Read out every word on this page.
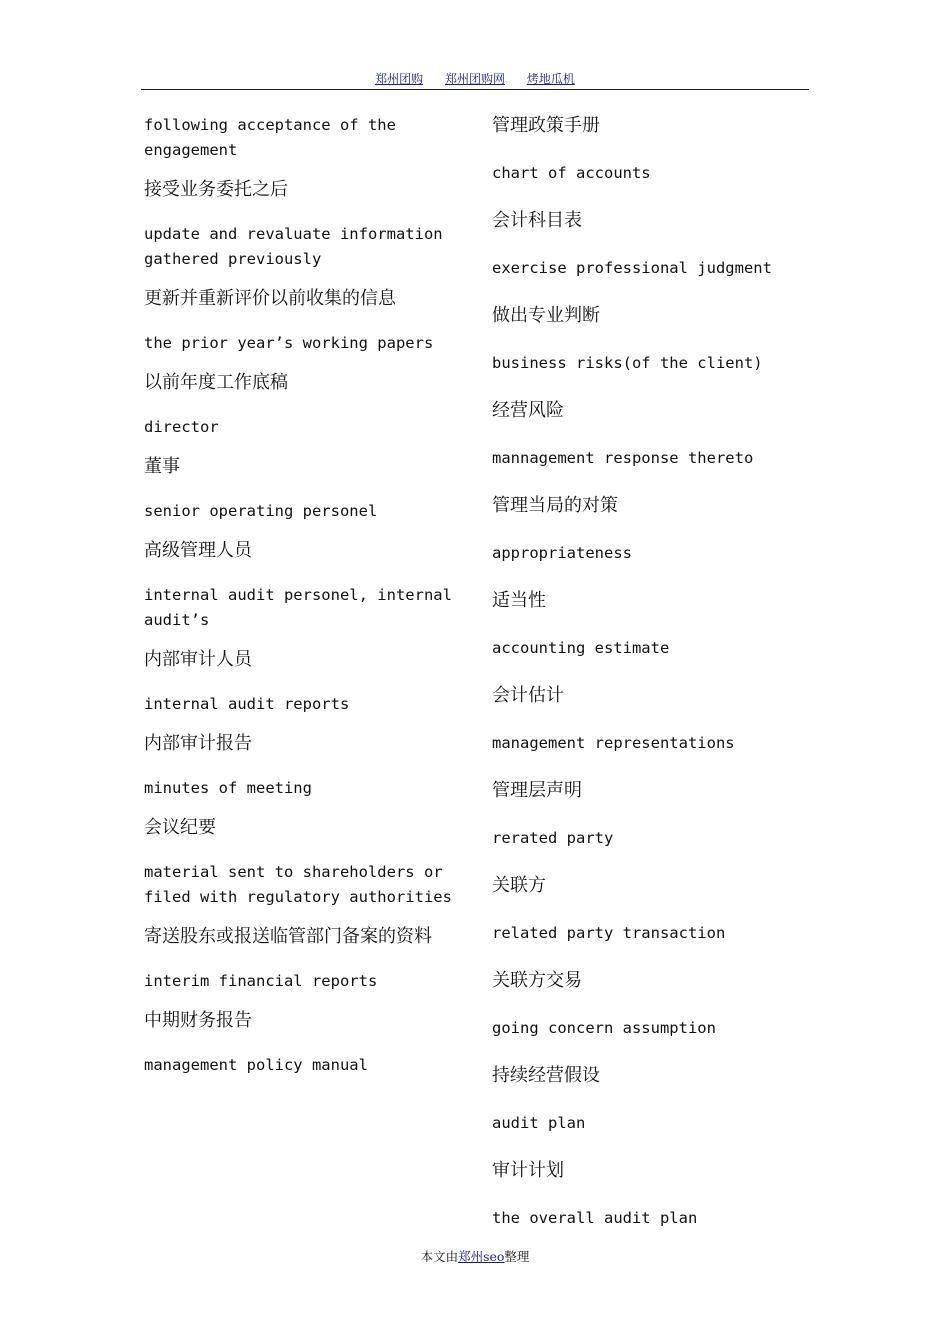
郑州团购 郑州团购网 烤地瓜机

following acceptance of the engagement

接受业务委托之后

update and revaluate information gathered previously

更新并重新评价以前收集的信息

the prior year’s working papers

以前年度工作底稿

director

董事

senior operating personel

高级管理人员

internal audit personel, internal audit’s

内部审计人员

internal audit reports

内部审计报告

minutes of meeting

会议纪要

material sent to shareholders or filed with regulatory authorities

寄送股东或报送临管部门备案的资料

interim financial reports

中期财务报告

management policy manual

管理政策手册

chart of accounts

会计科目表

exercise professional judgment

做出专业判断

business risks(of the client)

经营风险

mannagement response thereto

管理当局的对策

appropriateness

适当性

accounting estimate

会计估计

management representations

管理层声明

rerated party

关联方

related party transaction

关联方交易

going concern assumption

持续经营假设

audit plan

审计计划

the overall audit plan

本文由郑州seo整理
